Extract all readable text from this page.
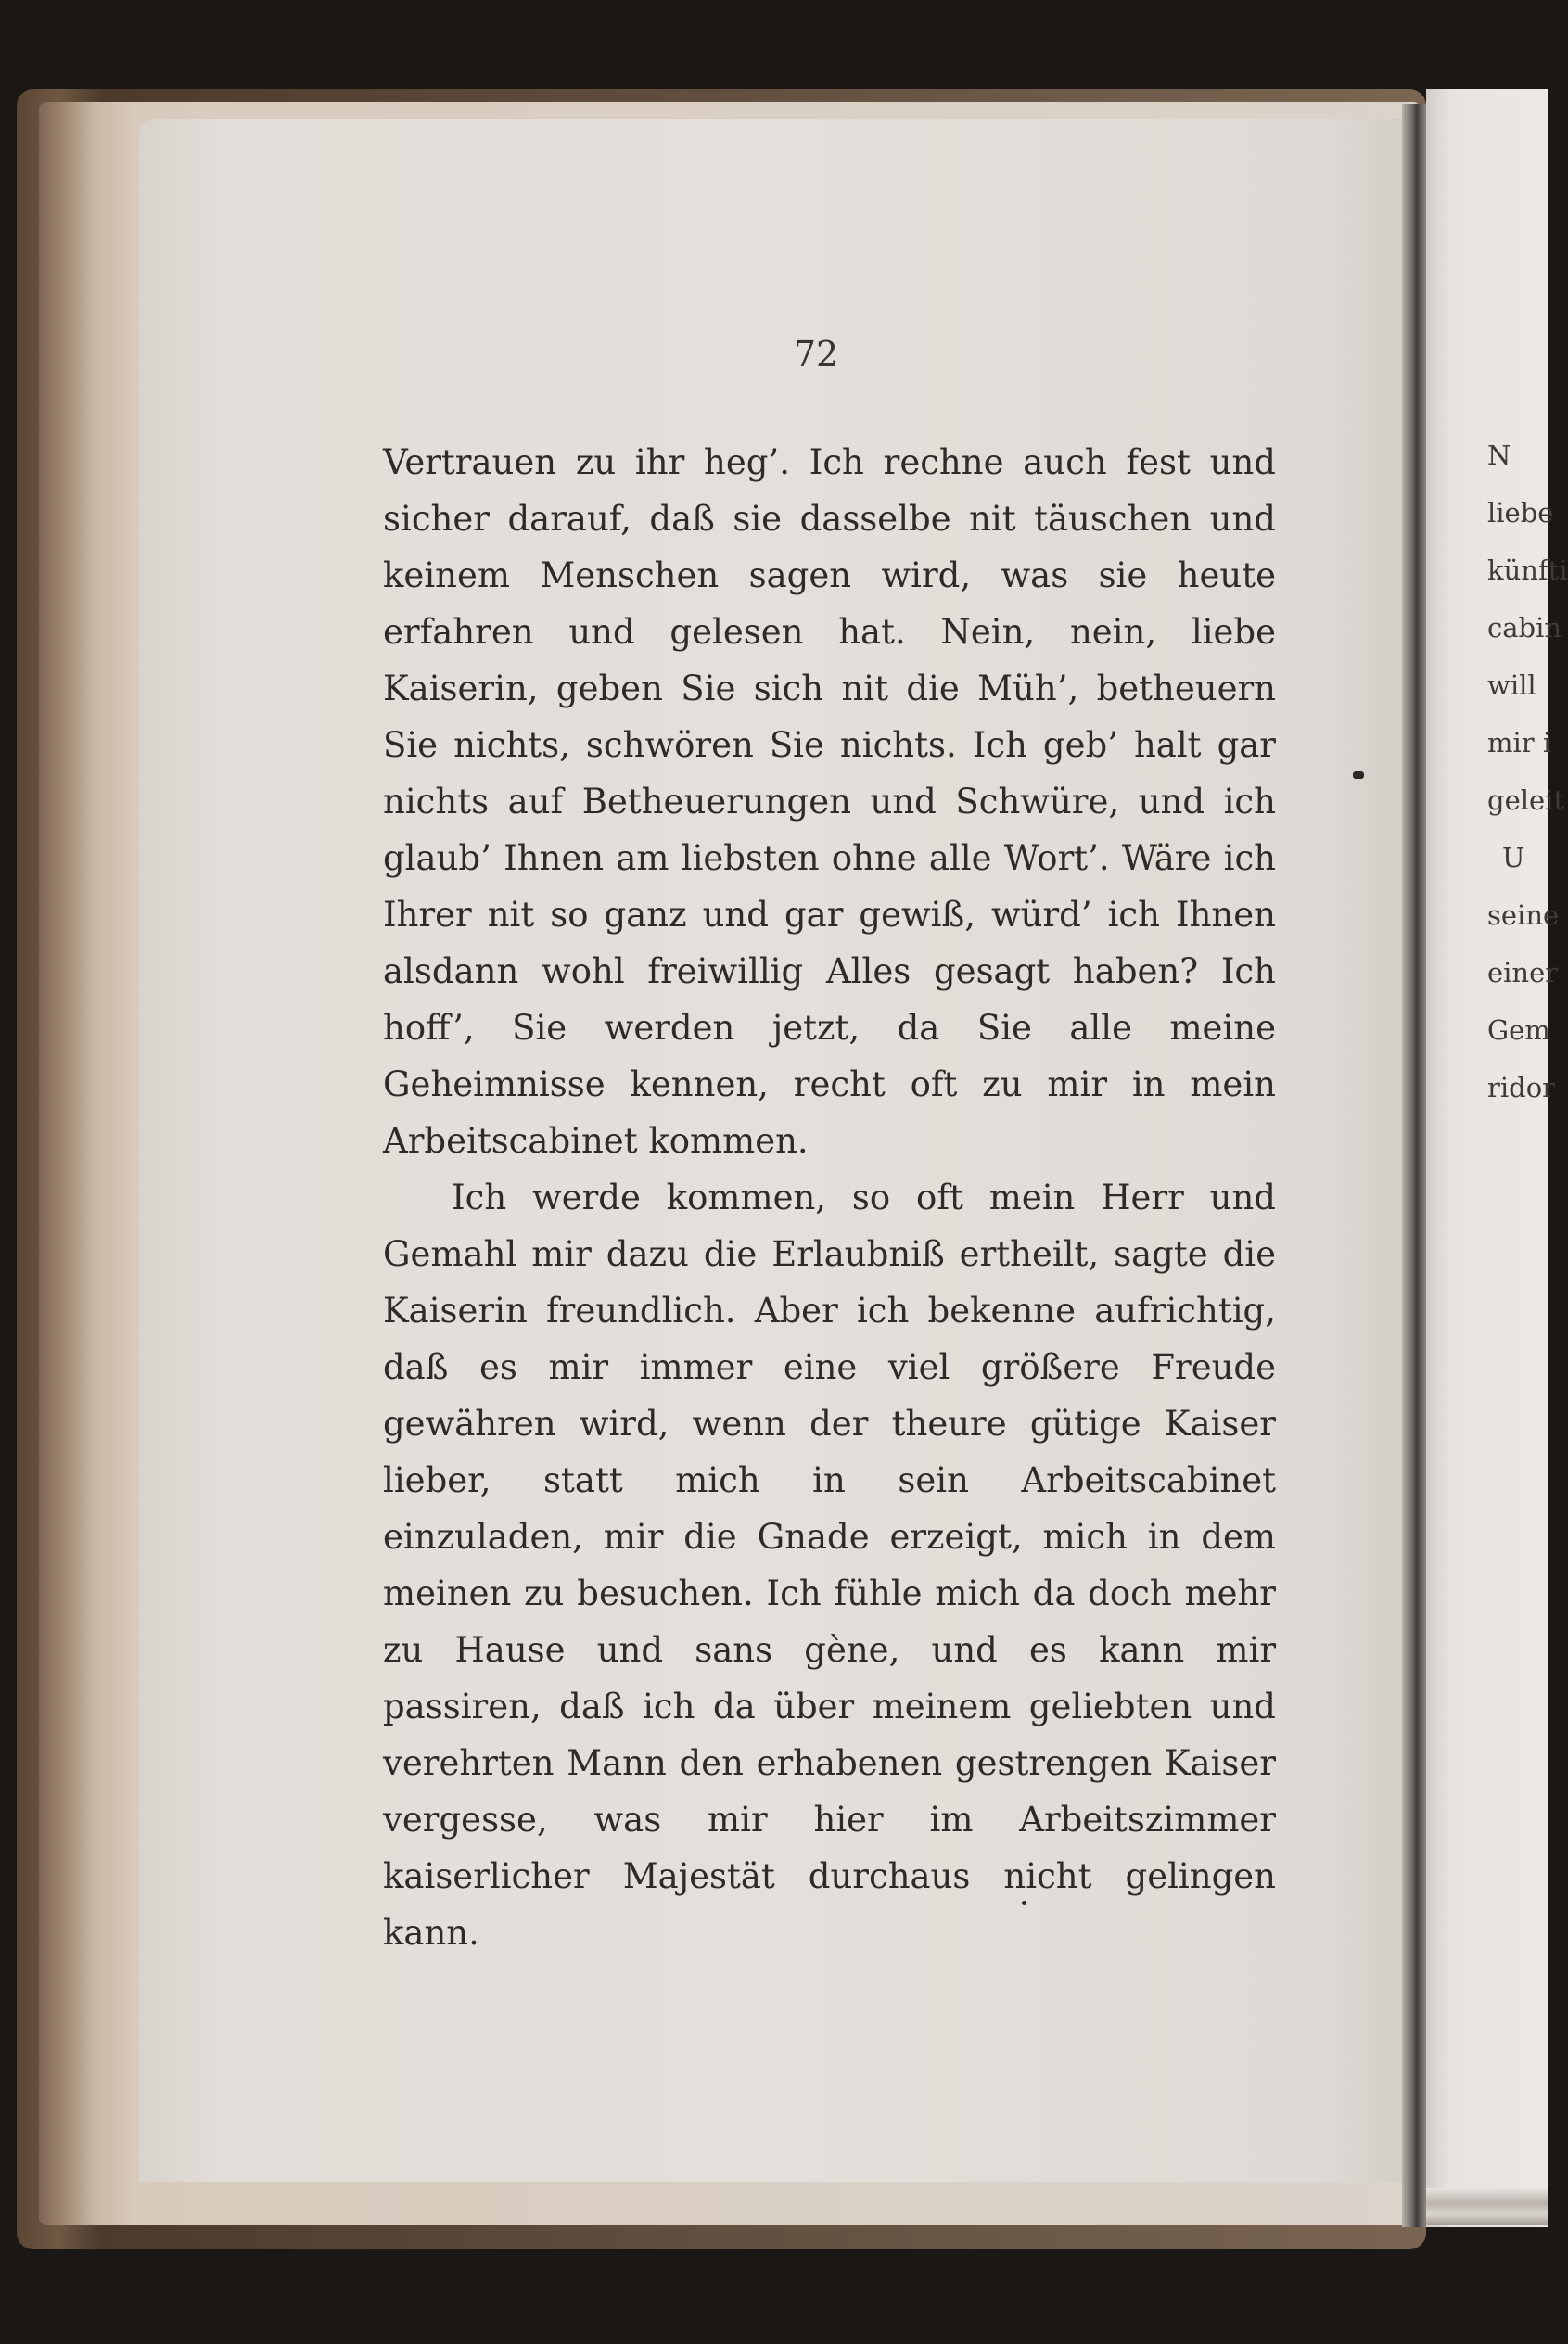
72

Vertrauen zu ihr heg’. Ich rechne auch fest und sicher darauf, daß sie dasselbe nit täuschen und keinem Menschen sagen wird, was sie heute erfahren und gelesen hat. Nein, nein, liebe Kaiserin, geben Sie sich nit die Müh’, betheuern Sie nichts, schwören Sie nichts. Ich geb’ halt gar nichts auf Betheuerungen und Schwüre, und ich glaub’ Ihnen am liebsten ohne alle Wort’. Wäre ich Ihrer nit so ganz und gar gewiß, würd’ ich Ihnen alsdann wohl freiwillig Alles gesagt haben? Ich hoff’, Sie werden jetzt, da Sie alle meine Geheimnisse kennen, recht oft zu mir in mein Arbeitscabinet kommen.

Ich werde kommen, so oft mein Herr und Gemahl mir dazu die Erlaubniß ertheilt, sagte die Kaiserin freundlich. Aber ich bekenne aufrichtig, daß es mir immer eine viel größere Freude gewähren wird, wenn der theure gütige Kaiser lieber, statt mich in sein Arbeitscabinet einzuladen, mir die Gnade erzeigt, mich in dem meinen zu besuchen. Ich fühle mich da doch mehr zu Hause und sans gène, und es kann mir passiren, daß ich da über meinem geliebten und verehrten Mann den erhabenen gestrengen Kaiser vergesse, was mir hier im Arbeitszimmer kaiserlicher Majestät durchaus nicht gelingen kann.

N
liebe
künfti
cabin
will
mir i
geleit
U
seine
einer
Gem
ridor
